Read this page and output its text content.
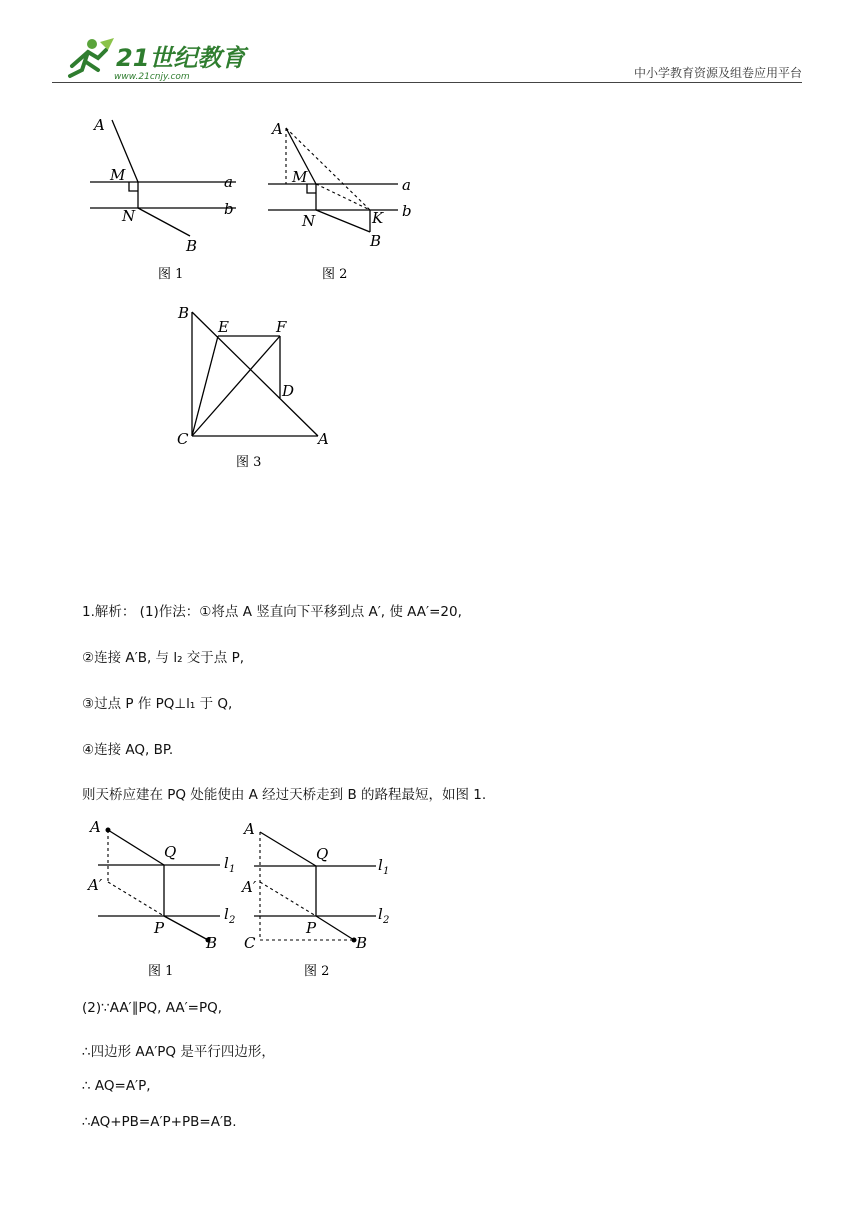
21世纪教育
www.21cnjy.com	中小学教育资源及组卷应用平台
A
M	a
N	b
B
图 1
A
M	a
N	K b
B
图 2
B
E	F
D
C	A
图 3
1.解析： (1)作法：①将点 A 竖直向下平移到点 A′, 使 AA′=20,
②连接 A′B, 与 l₂ 交于点 P,
③过点 P 作 PQ⊥l₁ 于 Q,
④连接 AQ, BP.
则天桥应建在 PQ 处能使由 A 经过天桥走到 B 的路程最短，如图 1.
A
Q
l 1
A′
l 2
P
B
图 1
A
Q
l 1
A′
l 2
P
B
C
图 2
(2)∵AA′∥PQ, AA′=PQ,
∴四边形 AA′PQ 是平行四边形，
∴ AQ=A′P,
∴AQ+PB=A′P+PB=A′B.
